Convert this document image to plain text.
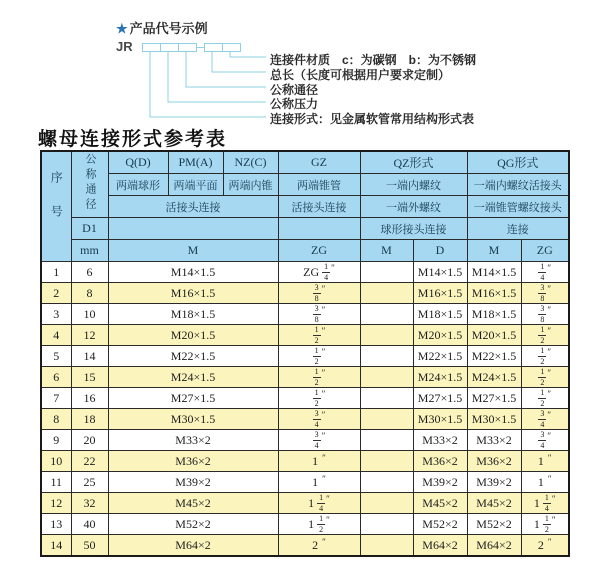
★ 产品代号示例
JR
连接件材质　c：为碳钢　b：为不锈钢
总长（长度可根据用户要求定制）
公称通径
公称压力
连接形式：见金属软管常用结构形式表
螺母连接形式参考表
序号	公称通径	Q(D)	PM(A)	NZ(C)	GZ	QZ形式		QG形式	
		两端球形	两端平面	两端内锥	两端锥管	一端内螺纹		一端内螺纹活接头	
		活接头连接			活接头连接	一端外螺纹		一端锥管螺纹接头	
	D1					球形接头连接		连接	
	mm	M			ZG	M	D	M	ZG
1	6	M14×1.5			ZG $\frac{1}{4} ''$		M14×1.5	M14×1.5	$\frac{1}{4} ''$
2	8	M16×1.5			$\frac{3}{8} ''$		M16×1.5	M16×1.5	$\frac{3}{8} ''$
3	10	M18×1.5			$\frac{3}{8} ''$		M18×1.5	M18×1.5	$\frac{3}{8} ''$
4	12	M20×1.5			$\frac{1}{2} ''$		M20×1.5	M20×1.5	$\frac{1}{2} ''$
5	14	M22×1.5			$\frac{1}{2} ''$		M22×1.5	M22×1.5	$\frac{1}{2} ''$
6	15	M24×1.5			$\frac{1}{2} ''$		M24×1.5	M24×1.5	$\frac{1}{2} ''$
7	16	M27×1.5			$\frac{1}{2} ''$		M27×1.5	M27×1.5	$\frac{1}{2} ''$
8	18	M30×1.5			$\frac{3}{4} ''$		M30×1.5	M30×1.5	$\frac{3}{4} ''$
9	20	M33×2			$\frac{3}{4} ''$		M33×2	M33×2	$\frac{3}{4} ''$
10	22	M36×2			1 ″		M36×2	M36×2	1 ″
11	25	M39×2			1 ″		M39×2	M39×2	1 ″
12	32	M45×2			$1 \frac{1}{4} ''$		M45×2	M45×2	$1 \frac{1}{4} ''$
13	40	M52×2			$1 \frac{1}{2} ''$		M52×2	M52×2	$1 \frac{1}{2} ''$
14	50	M64×2			2 ″		M64×2	M64×2	2 ″
